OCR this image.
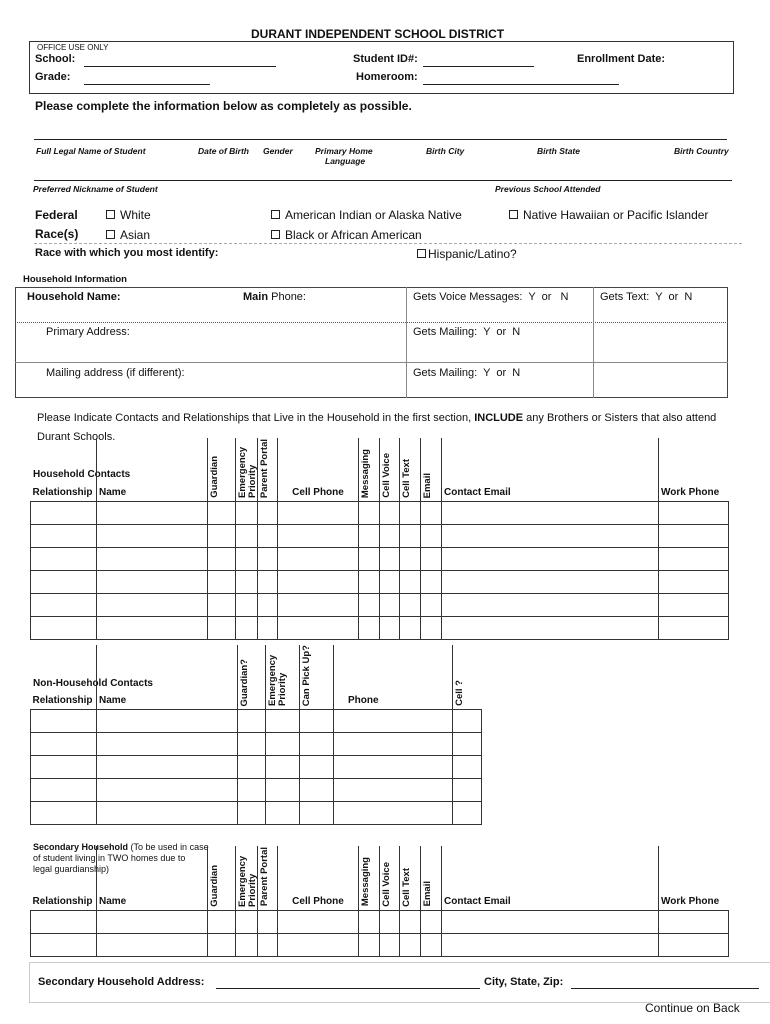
DURANT INDEPENDENT SCHOOL DISTRICT
OFFICE USE ONLY
School:	Student ID#:	Enrollment Date:
Grade:	Homeroom:
Please complete the information below as completely as possible.
Full Legal Name of Student	Date of Birth Gender	Primary Home
Language
Birth City	Birth State	Birth Country
Preferred Nickname of Student	Previous School Attended
Federal
Race(s)
White
Asian
American Indian or Alaska Native
Black or African American
Native Hawaiian or Pacific Islander
Race with which you most identify:	Hispanic/Latino?
Household Information
Household Name:	Main Phone:	Gets Voice Messages:  Y  or   N	Gets Text:  Y  or  N
Primary Address:	Gets Mailing:  Y  or  N
Mailing address (if different):	Gets Mailing:  Y  or  N
Please Indicate Contacts and Relationships that Live in the Household in the first section, INCLUDE any Brothers or Sisters that also attend Durant Schools.
Household Contacts
Relationship	Name	Guardian	Emergency Priority	Parent Portal	Cell Phone	Messaging	Cell Voice	Cell Text	Email	Contact Email	Work Phone

Non-Household Contacts
Relationship	Name	Guardian?	Emergency Priority	Can Pick Up?	Phone	Cell ?

Secondary Household (To be used in case
of student living in TWO homes due to
legal guardianship)
Relationship	Name	Guardian	Emergency Priority	Parent Portal	Cell Phone	Messaging	Cell Voice	Cell Text	Email	Contact Email	Work Phone

Secondary Household Address:	City, State, Zip:
Continue on Back
